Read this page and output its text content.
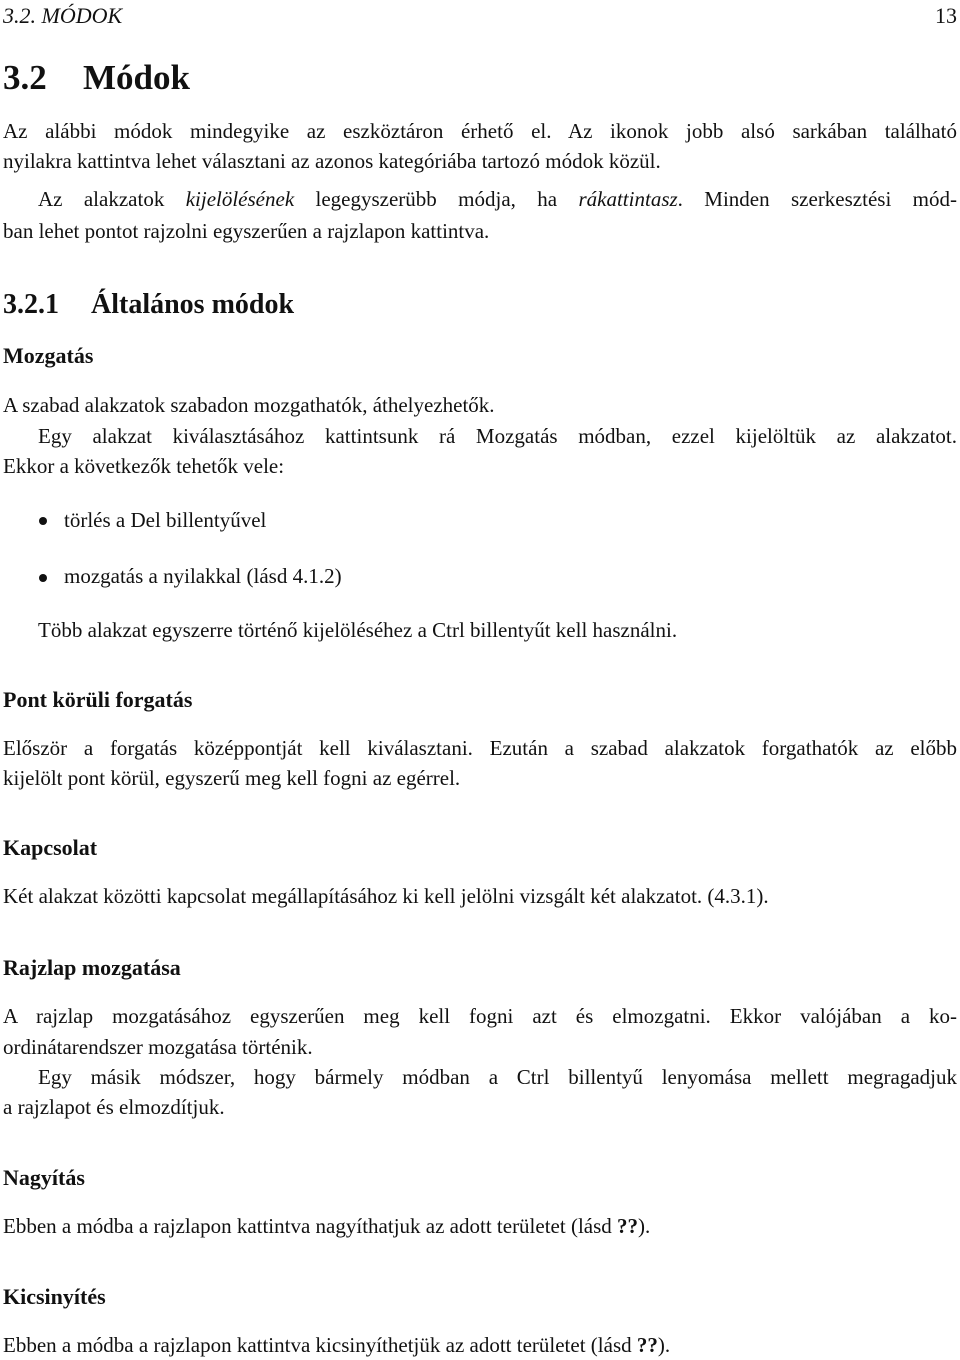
3.2. MÓDOK	13
3.2 Módok
Az alábbi módok mindegyike az eszköztáron érhető el. Az ikonok jobb alsó sarkában található
nyilakra kattintva lehet választani az azonos kategóriába tartozó módok közül.
Az alakzatok kijelölésének legegyszerübb módja, ha rákattintasz. Minden szerkesztési mód-
ban lehet pontot rajzolni egyszerűen a rajzlapon kattintva.
3.2.1 Általános módok
Mozgatás
A szabad alakzatok szabadon mozgathatók, áthelyezhetők.
Egy alakzat kiválasztásához kattintsunk rá Mozgatás módban, ezzel kijelöltük az alakzatot.
Ekkor a következők tehetők vele:
törlés a Del billentyűvel
mozgatás a nyilakkal (lásd 4.1.2)
Több alakzat egyszerre történő kijelöléséhez a Ctrl billentyűt kell használni.
Pont körüli forgatás
Először a forgatás középpontját kell kiválasztani. Ezután a szabad alakzatok forgathatók az előbb
kijelölt pont körül, egyszerű meg kell fogni az egérrel.
Kapcsolat
Két alakzat közötti kapcsolat megállapításához ki kell jelölni vizsgált két alakzatot. (4.3.1).
Rajzlap mozgatása
A rajzlap mozgatásához egyszerűen meg kell fogni azt és elmozgatni. Ekkor valójában a ko-
ordinátarendszer mozgatása történik.
Egy másik módszer, hogy bármely módban a Ctrl billentyű lenyomása mellett megragadjuk
a rajzlapot és elmozdítjuk.
Nagyítás
Ebben a módba a rajzlapon kattintva nagyíthatjuk az adott területet (lásd ??).
Kicsinyítés
Ebben a módba a rajzlapon kattintva kicsinyíthetjük az adott területet (lásd ??).
